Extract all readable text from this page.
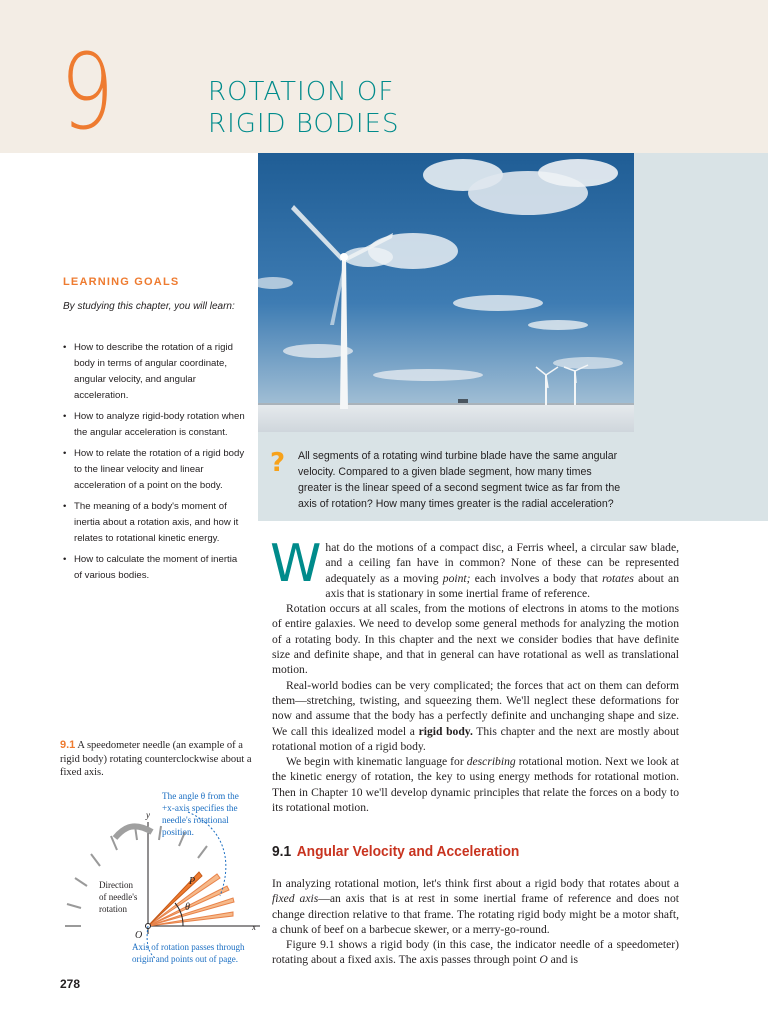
9	ROTATION OF
RIGID BODIES
? All segments of a rotating wind turbine blade have the same angular velocity. Compared to a given blade segment, how many times greater is the linear speed of a second segment twice as far from the axis of rotation? How many times greater is the radial acceleration?
LEARNING GOALS
By studying this chapter, you will learn:
• How to describe the rotation of a rigid body in terms of angular coordinate, angular velocity, and angular acceleration.
• How to analyze rigid-body rotation when the angular acceleration is constant.
• How to relate the rotation of a rigid body to the linear velocity and linear acceleration of a point on the body.
• The meaning of a body's moment of inertia about a rotation axis, and how it relates to rotational kinetic energy.
• How to calculate the moment of inertia of various bodies.
9.1 A speedometer needle (an example of a rigid body) rotating counterclockwise about a fixed axis.
y
x
O
P
θ
The angle θ from the
+x-axis specifies the
needle's rotational
position.
Direction
of needle's
rotation
Axis of rotation passes through
origin and points out of page.

What do the motions of a compact disc, a Ferris wheel, a circular saw blade, and a ceiling fan have in common? None of these can be represented adequately as a moving point; each involves a body that rotates about an axis that is stationary in some inertial frame of reference.

Rotation occurs at all scales, from the motions of electrons in atoms to the motions of entire galaxies. We need to develop some general methods for analyzing the motion of a rotating body. In this chapter and the next we consider bodies that have definite size and definite shape, and that in general can have rotational as well as translational motion.

Real-world bodies can be very complicated; the forces that act on them can deform them—stretching, twisting, and squeezing them. We'll neglect these deformations for now and assume that the body has a perfectly definite and unchanging shape and size. We call this idealized model a rigid body. This chapter and the next are mostly about rotational motion of a rigid body.

We begin with kinematic language for describing rotational motion. Next we look at the kinetic energy of rotation, the key to using energy methods for rotational motion. Then in Chapter 10 we'll develop dynamic principles that relate the forces on a body to its rotational motion.

9.1 Angular Velocity and Acceleration

In analyzing rotational motion, let's think first about a rigid body that rotates about a fixed axis—an axis that is at rest in some inertial frame of reference and does not change direction relative to that frame. The rotating rigid body might be a motor shaft, a chunk of beef on a barbecue skewer, or a merry-go-round.

Figure 9.1 shows a rigid body (in this case, the indicator needle of a speedometer) rotating about a fixed axis. The axis passes through point O and is

278
